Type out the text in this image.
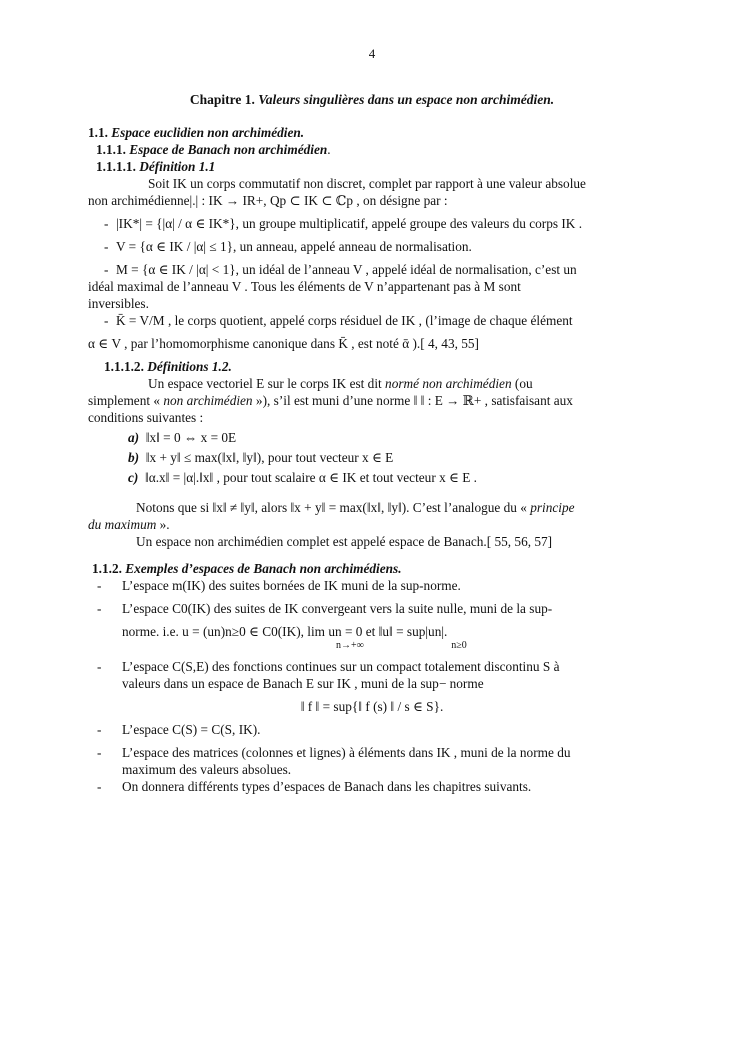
4
Chapitre 1. Valeurs singulières dans un espace non archimédien.

1.1. Espace euclidien non archimédien.

1.1.1. Espace de Banach non archimédien.

1.1.1.1. Définition 1.1

Soit IK un corps commutatif non discret, complet par rapport à une valeur absolue

non archimédienne|.| : IK → IR+, Qp ⊂ IK ⊂ ℂp , on désigne par :

- |IK*| = {|α| / α ∈ IK*}, un groupe multiplicatif, appelé groupe des valeurs du corps IK .

- V = {α ∈ IK / |α| ≤ 1}, un anneau, appelé anneau de normalisation.

- M = {α ∈ IK / |α| < 1}, un idéal de l’anneau V , appelé idéal de normalisation, c’est un

idéal maximal de l’anneau V . Tous les éléments de V n’appartenant pas à M sont

inversibles.

- K̄ = V/M , le corps quotient, appelé corps résiduel de IK , (l’image de chaque élément

α ∈ V , par l’homomorphisme canonique dans K̄ , est noté ᾱ ).[ 4, 43, 55]

1.1.1.2. Définitions 1.2.

Un espace vectoriel E sur le corps IK est dit normé non archimédien (ou

simplement « non archimédien »), s’il est muni d’une norme ‖ ‖ : E → ℝ+ , satisfaisant aux

conditions suivantes :

a) ‖x‖ = 0 ⇔ x = 0E

b) ‖x + y‖ ≤ max(‖x‖, ‖y‖), pour tout vecteur x ∈ E

c) ‖α.x‖ = |α|.‖x‖ , pour tout scalaire α ∈ IK et tout vecteur x ∈ E .

Notons que si ‖x‖ ≠ ‖y‖, alors ‖x + y‖ = max(‖x‖, ‖y‖). C’est l’analogue du « principe

du maximum ».

Un espace non archimédien complet est appelé espace de Banach.[ 55, 56, 57]

1.1.2. Exemples d’espaces de Banach non archimédiens.

- L’espace m(IK) des suites bornées de IK muni de la sup-norme.

- L’espace C0(IK) des suites de IK convergeant vers la suite nulle, muni de la sup-

norme. i.e. u = (un)n≥0 ∈ C0(IK), lim un = 0 et ‖u‖ = sup|un|.

n→+∞                                   n≥0

- L’espace C(S,E) des fonctions continues sur un compact totalement discontinu S à

valeurs dans un espace de Banach E sur IK , muni de la sup− norme

‖ f ‖ = sup{‖ f (s) ‖ / s ∈ S}.

- L’espace C(S) = C(S, IK).

- L’espace des matrices (colonnes et lignes) à éléments dans IK , muni de la norme du

maximum des valeurs absolues.

- On donnera différents types d’espaces de Banach dans les chapitres suivants.
